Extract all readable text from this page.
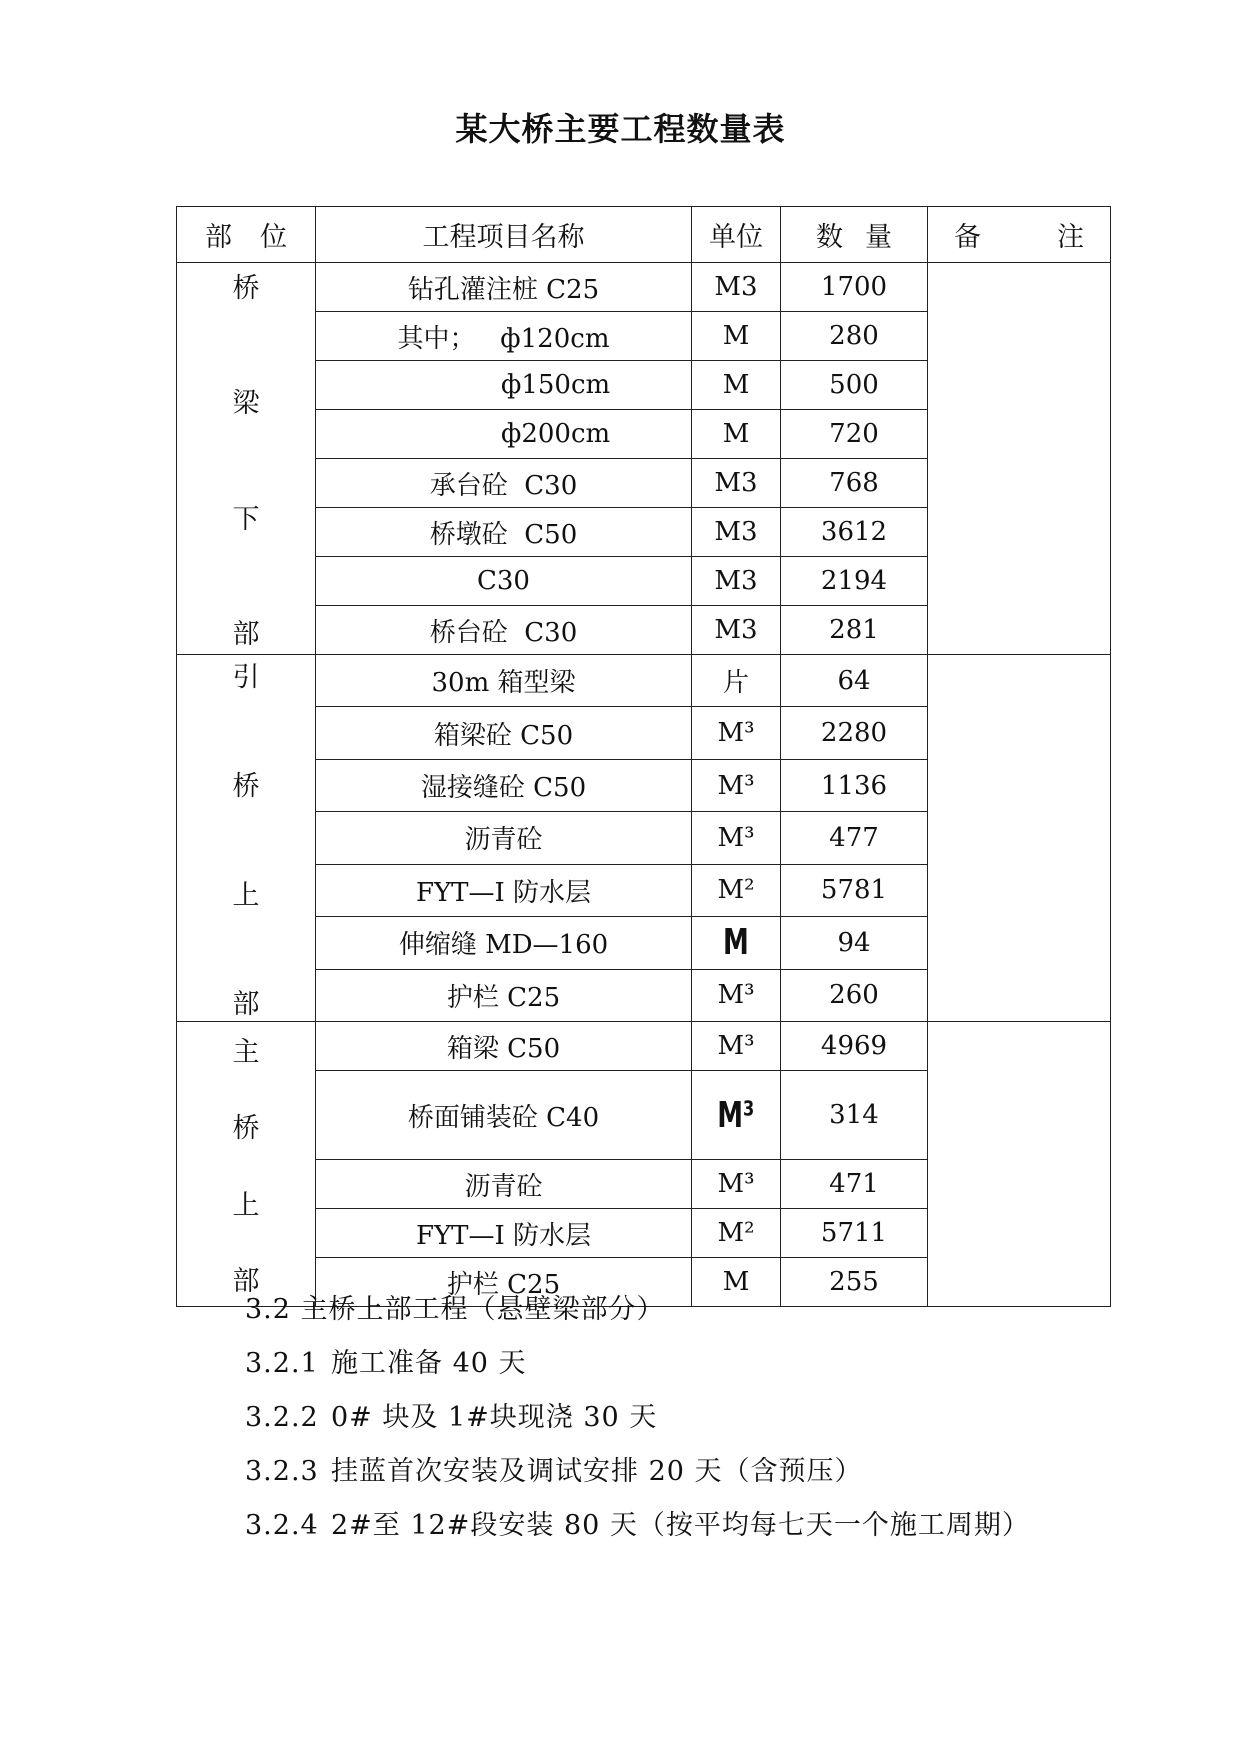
某大桥主要工程数量表
部位	工程项目名称	单位	数量	备 注

桥
梁
下
部	钻孔灌注桩 C25	M3	1700	
	其中；   ф120cm	M	280	
	ф150cm	M	500	
	ф200cm	M	720	
	承台砼  C30	M3	768	
	桥墩砼  C50	M3	3612	
	C30	M3	2194	
	桥台砼  C30	M3	281	

引
桥
上
部	30m 箱型梁	片	64	
	箱梁砼 C50	M³	2280	
	湿接缝砼 C50	M³	1136	
	沥青砼	M³	477	
	FYT—I 防水层	M²	5781	
	伸缩缝 MD—160	M	94	
	护栏 C25	M³	260	

主
桥
上
部	箱梁 C50	M³	4969	
	桥面铺装砼 C40	M³	314	
	沥青砼	M³	471	
	FYT—I 防水层	M²	5711	
	护栏 C25	M	255	
3.2 主桥上部工程（悬壁梁部分）
3.2.1 施工准备 40 天
3.2.2 0# 块及 1#块现浇 30 天
3.2.3 挂蓝首次安装及调试安排 20 天（含预压）
3.2.4 2#至 12#段安装 80 天（按平均每七天一个施工周期）
